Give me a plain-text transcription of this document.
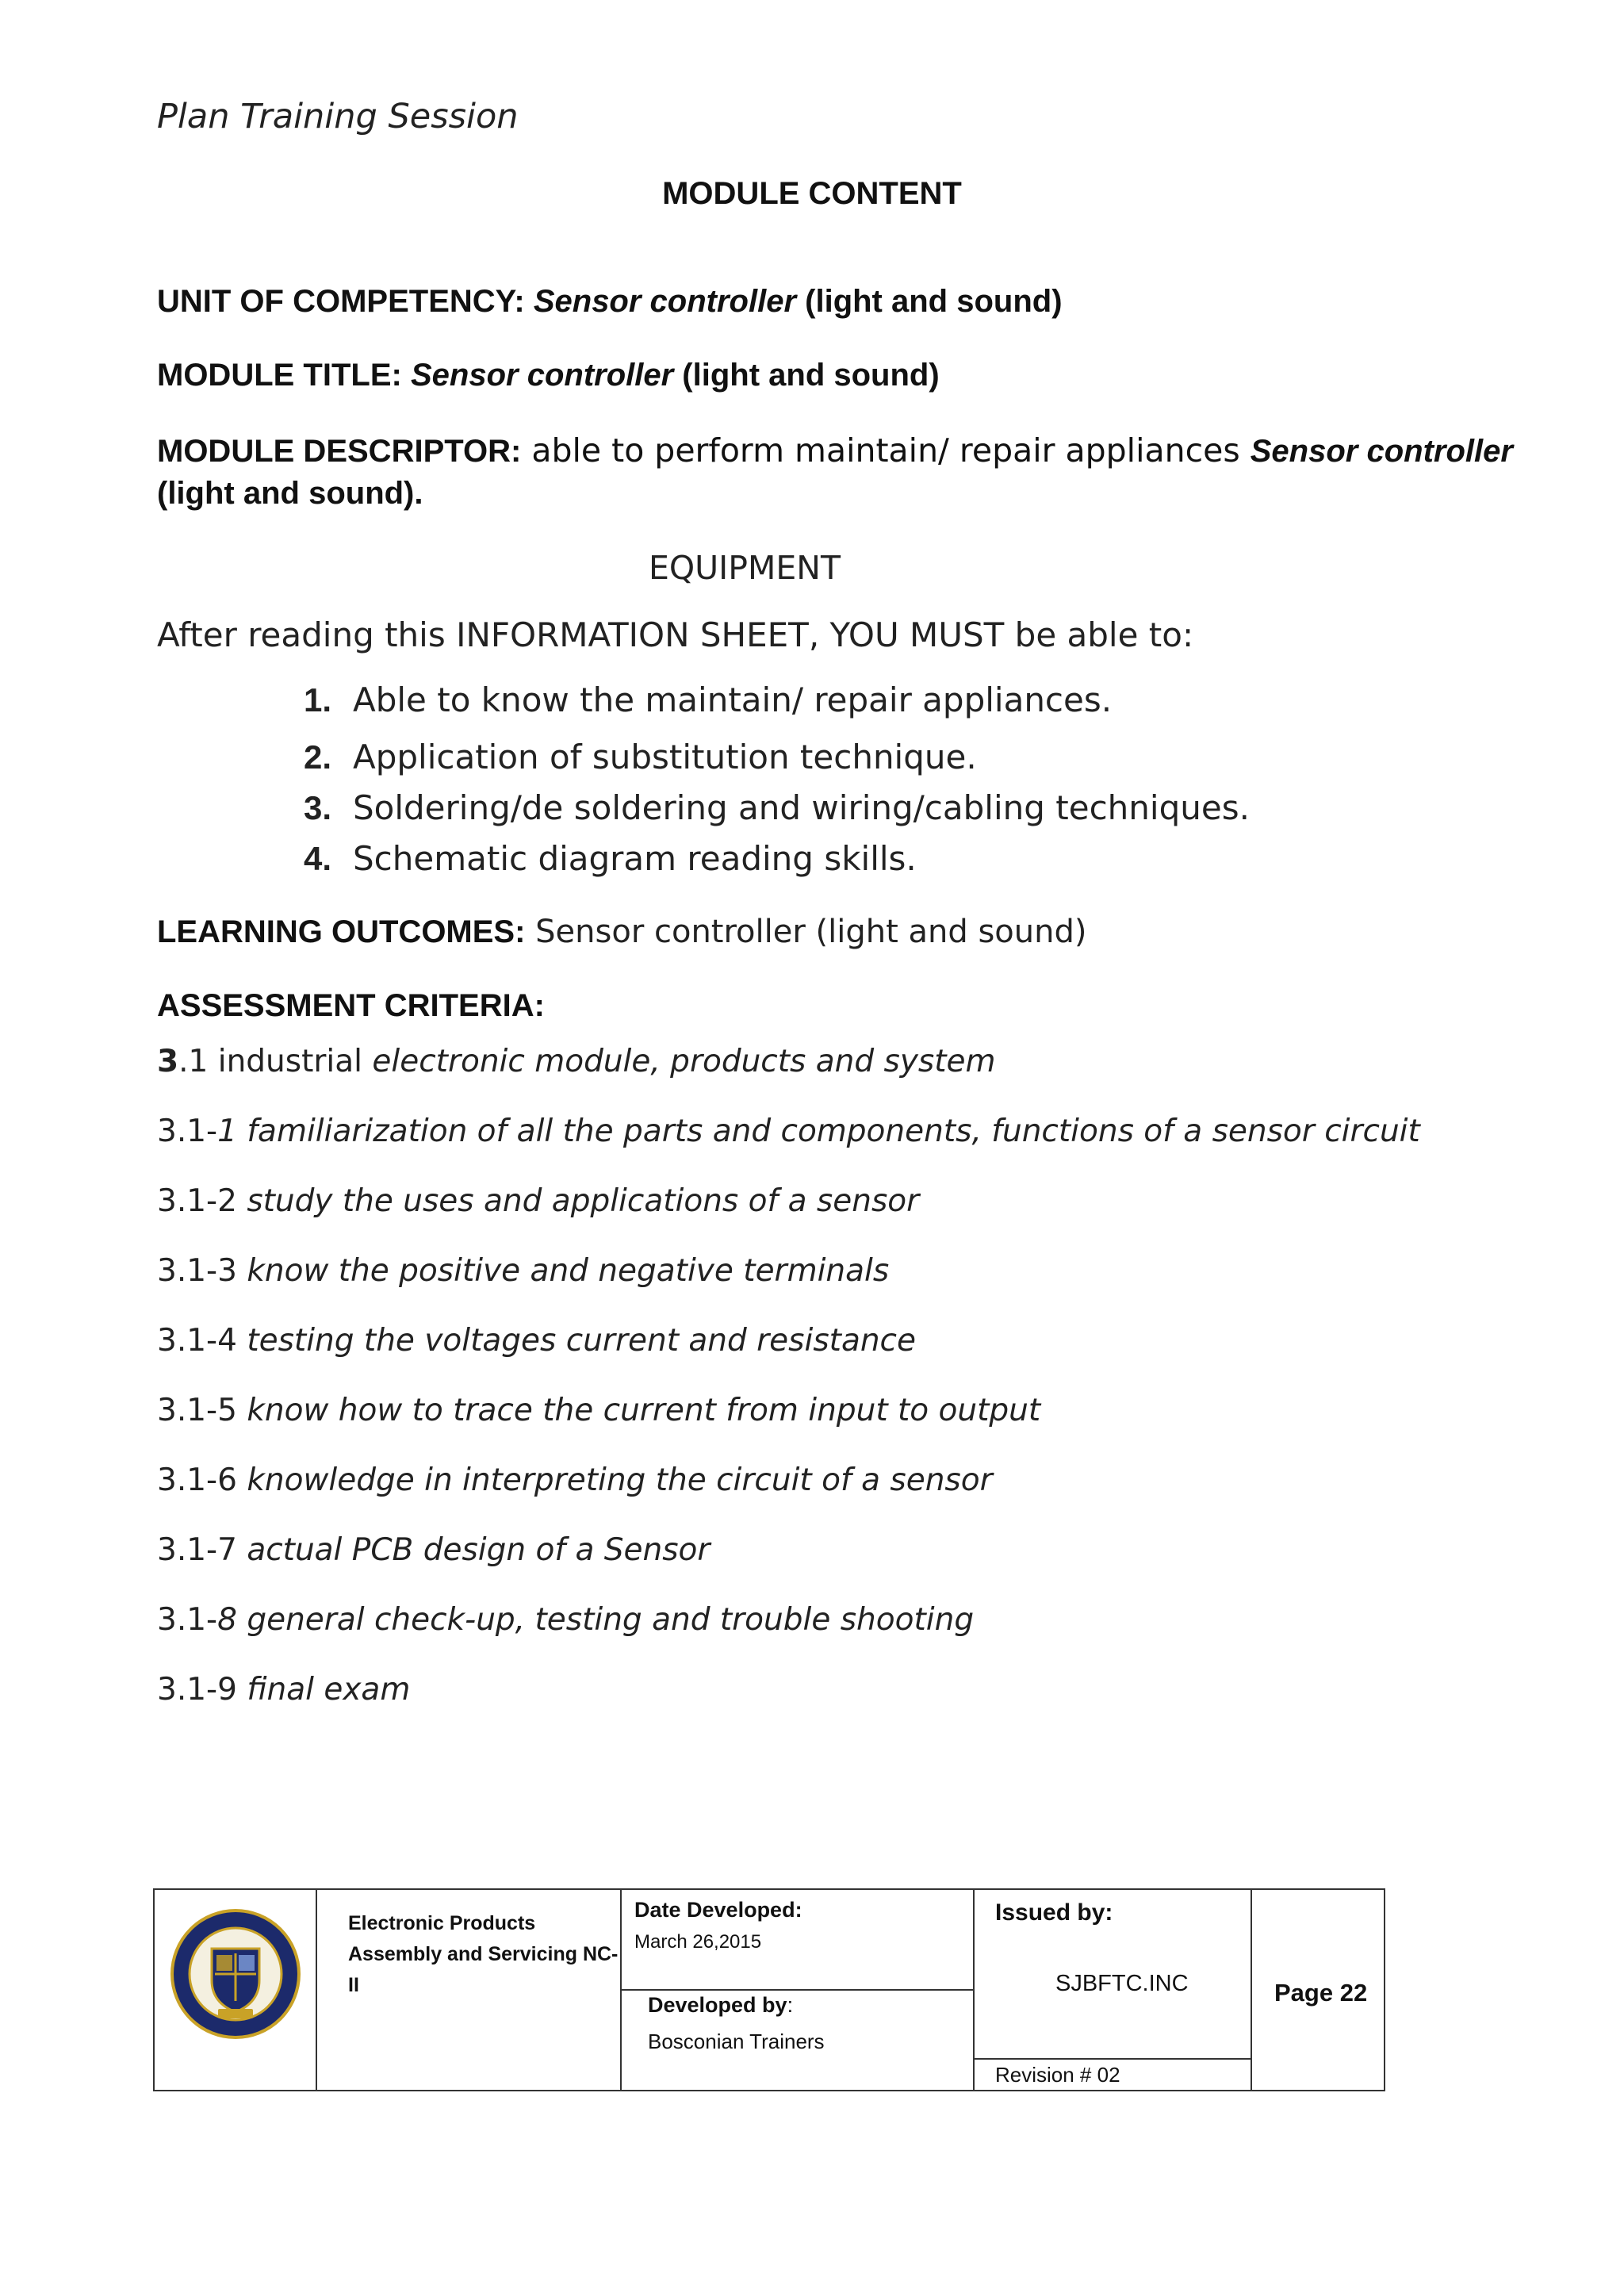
Plan Training Session
MODULE CONTENT
UNIT OF COMPETENCY: Sensor controller (light and sound)
MODULE TITLE: Sensor controller (light and sound)
MODULE DESCRIPTOR: able to perform maintain/ repair appliances Sensor controller
(light and sound).
EQUIPMENT
After reading this INFORMATION SHEET, YOU MUST be able to:
1. Able to know the maintain/ repair appliances.
2. Application of substitution technique.
3. Soldering/de soldering and wiring/cabling techniques.
4. Schematic diagram reading skills.
LEARNING OUTCOMES: Sensor controller (light and sound)
ASSESSMENT CRITERIA:
3.1 industrial electronic module, products and system
3.1-1 familiarization of all the parts and components, functions of a sensor circuit
3.1-2 study the uses and applications of a sensor
3.1-3 know the positive and negative terminals
3.1-4 testing the voltages current and resistance
3.1-5 know how to trace the current from input to output
3.1-6 knowledge in interpreting the circuit of a sensor
3.1-7 actual PCB design of a Sensor
3.1-8 general check-up, testing and trouble shooting
3.1-9 final exam
Electronic Products
Assembly and Servicing NC-
II
Date Developed:
March 26,2015
Developed by:
Bosconian Trainers
Issued by:
SJBFTC.INC
Revision # 02
Page 22
